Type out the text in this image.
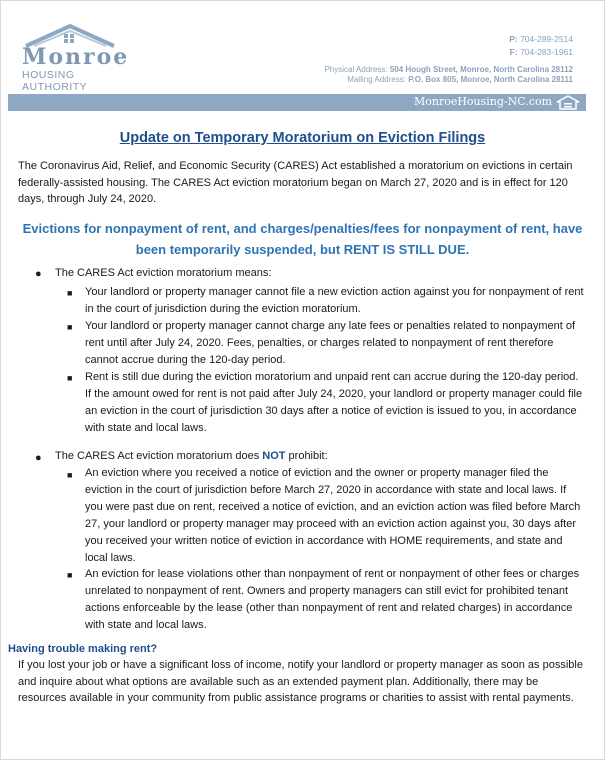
Monroe
HOUSING AUTHORITY
P: 704-289-2514
F: 704-283-1961
Physical Address: 504 Hough Street, Monroe, North Carolina 28112
Mailing Address: P.O. Box 805, Monroe, North Carolina 28111
MonroeHousing-NC.com
Update on Temporary Moratorium on Eviction Filings
The Coronavirus Aid, Relief, and Economic Security (CARES) Act established a moratorium on evictions in certain federally-assisted housing. The CARES Act eviction moratorium began on March 27, 2020 and is in effect for 120 days, through July 24, 2020.
Evictions for nonpayment of rent, and charges/penalties/fees for nonpayment of rent, have been temporarily suspended, but RENT IS STILL DUE.
● The CARES Act eviction moratorium means:
■ Your landlord or property manager cannot file a new eviction action against you for nonpayment of rent in the court of jurisdiction during the eviction moratorium.
■ Your landlord or property manager cannot charge any late fees or penalties related to nonpayment of rent until after July 24, 2020. Fees, penalties, or charges related to nonpayment of rent therefore cannot accrue during the 120-day period.
■ Rent is still due during the eviction moratorium and unpaid rent can accrue during the 120-day period. If the amount owed for rent is not paid after July 24, 2020, your landlord or property manager could file an eviction in the court of jurisdiction 30 days after a notice of eviction is issued to you, in accordance with state and local laws.
● The CARES Act eviction moratorium does NOT prohibit:
■ An eviction where you received a notice of eviction and the owner or property manager filed the eviction in the court of jurisdiction before March 27, 2020 in accordance with state and local laws. If you were past due on rent, received a notice of eviction, and an eviction action was filed before March 27, your landlord or property manager may proceed with an eviction action against you, 30 days after you received your written notice of eviction in accordance with HOME requirements, and state and local laws.
■ An eviction for lease violations other than nonpayment of rent or nonpayment of other fees or charges unrelated to nonpayment of rent. Owners and property managers can still evict for prohibited tenant actions enforceable by the lease (other than nonpayment of rent and related charges) in accordance with state and local laws.
Having trouble making rent?
If you lost your job or have a significant loss of income, notify your landlord or property manager as soon as possible and inquire about what options are available such as an extended payment plan. Additionally, there may be resources available in your community from public assistance programs or charities to assist with rental payments.
